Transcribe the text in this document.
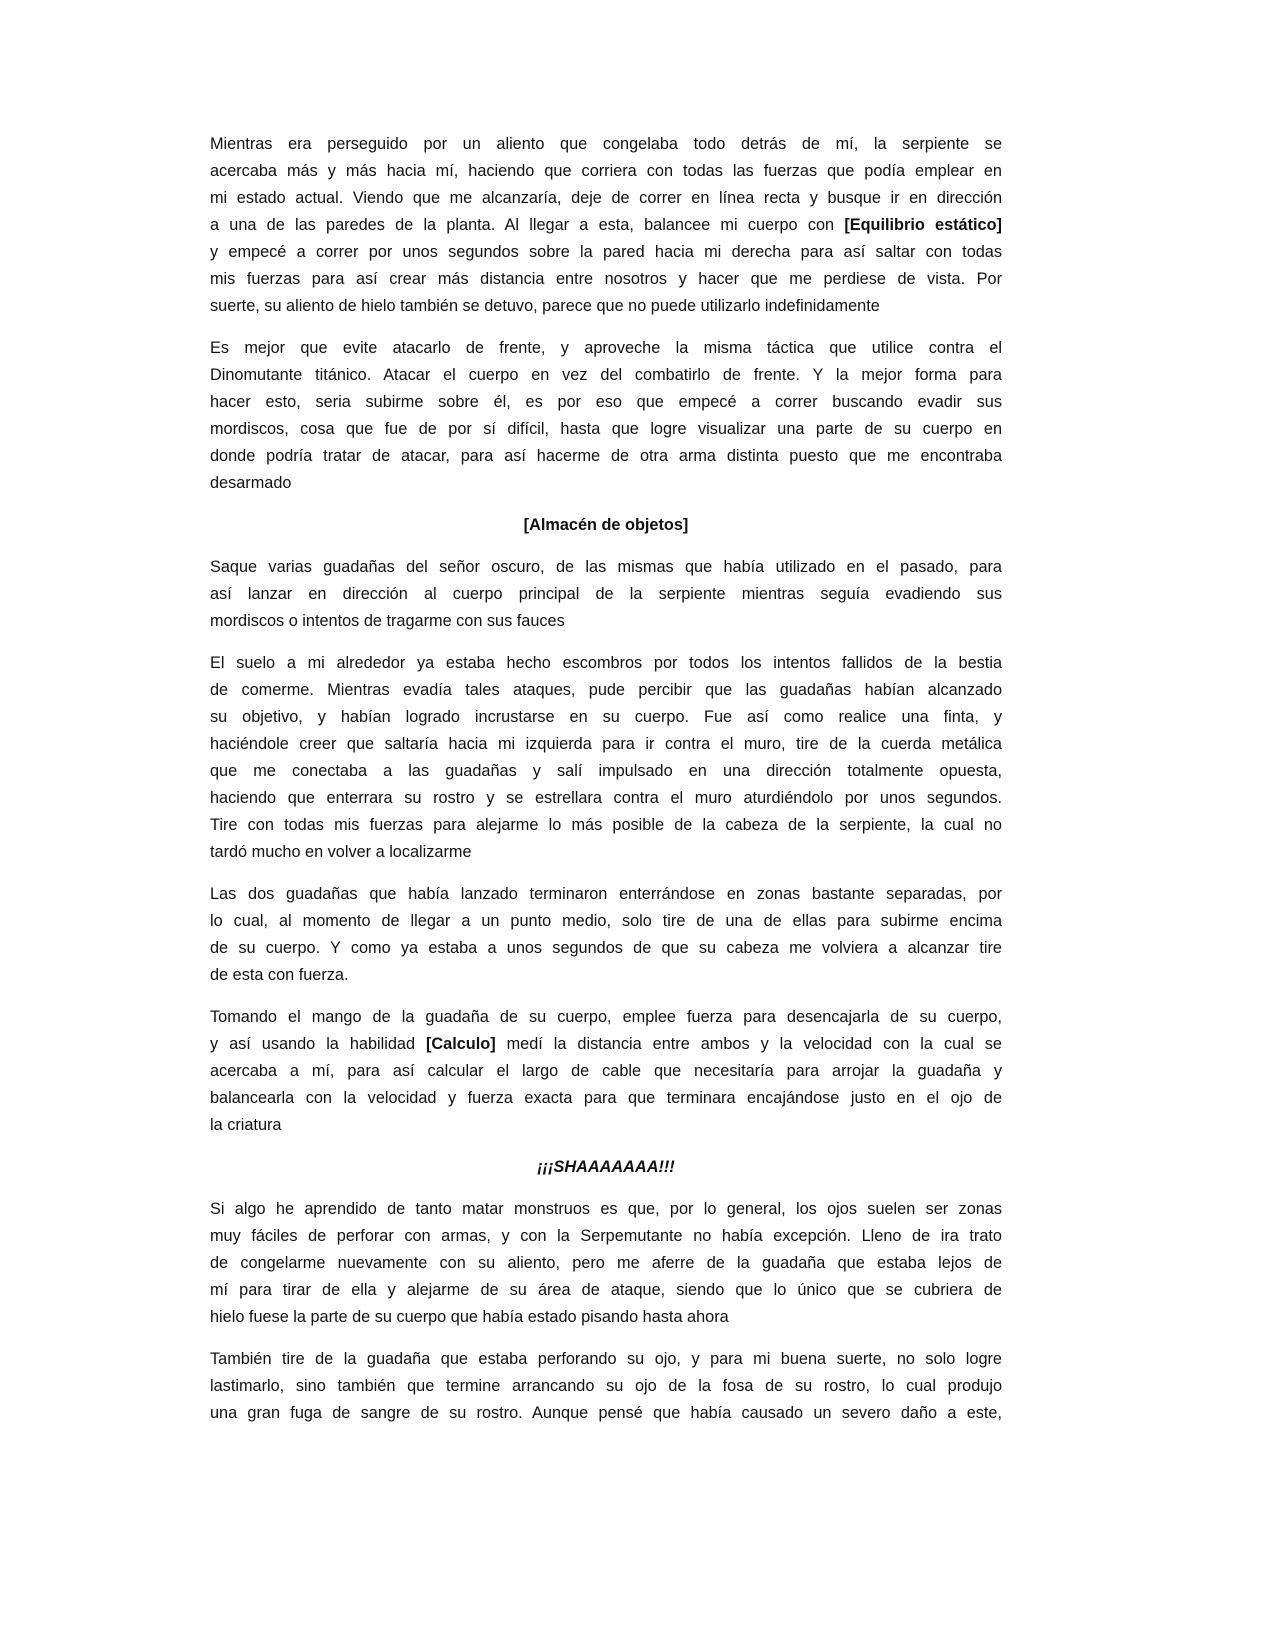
Mientras era perseguido por un aliento que congelaba todo detrás de mí, la serpiente se
acercaba más y más hacia mí, haciendo que corriera con todas las fuerzas que podía emplear en
mi estado actual. Viendo que me alcanzaría, deje de correr en línea recta y busque ir en dirección
a una de las paredes de la planta. Al llegar a esta, balancee mi cuerpo con [Equilibrio estático]
y empecé a correr por unos segundos sobre la pared hacia mi derecha para así saltar con todas
mis fuerzas para así crear más distancia entre nosotros y hacer que me perdiese de vista. Por
suerte, su aliento de hielo también se detuvo, parece que no puede utilizarlo indefinidamente
Es mejor que evite atacarlo de frente, y aproveche la misma táctica que utilice contra el
Dinomutante titánico. Atacar el cuerpo en vez del combatirlo de frente. Y la mejor forma para
hacer esto, seria subirme sobre él, es por eso que empecé a correr buscando evadir sus
mordiscos, cosa que fue de por sí difícil, hasta que logre visualizar una parte de su cuerpo en
donde podría tratar de atacar, para así hacerme de otra arma distinta puesto que me encontraba
desarmado
[Almacén de objetos]
Saque varias guadañas del señor oscuro, de las mismas que había utilizado en el pasado, para
así lanzar en dirección al cuerpo principal de la serpiente mientras seguía evadiendo sus
mordiscos o intentos de tragarme con sus fauces
El suelo a mi alrededor ya estaba hecho escombros por todos los intentos fallidos de la bestia
de comerme. Mientras evadía tales ataques, pude percibir que las guadañas habían alcanzado
su objetivo, y habían logrado incrustarse en su cuerpo. Fue así como realice una finta, y
haciéndole creer que saltaría hacia mi izquierda para ir contra el muro, tire de la cuerda metálica
que me conectaba a las guadañas y salí impulsado en una dirección totalmente opuesta,
haciendo que enterrara su rostro y se estrellara contra el muro aturdiéndolo por unos segundos.
Tire con todas mis fuerzas para alejarme lo más posible de la cabeza de la serpiente, la cual no
tardó mucho en volver a localizarme
Las dos guadañas que había lanzado terminaron enterrándose en zonas bastante separadas, por
lo cual, al momento de llegar a un punto medio, solo tire de una de ellas para subirme encima
de su cuerpo. Y como ya estaba a unos segundos de que su cabeza me volviera a alcanzar tire
de esta con fuerza.
Tomando el mango de la guadaña de su cuerpo, emplee fuerza para desencajarla de su cuerpo,
y así usando la habilidad [Calculo] medí la distancia entre ambos y la velocidad con la cual se
acercaba a mí, para así calcular el largo de cable que necesitaría para arrojar la guadaña y
balancearla con la velocidad y fuerza exacta para que terminara encajándose justo en el ojo de
la criatura
¡¡¡SHAAAAAAA!!!
Si algo he aprendido de tanto matar monstruos es que, por lo general, los ojos suelen ser zonas
muy fáciles de perforar con armas, y con la Serpemutante no había excepción. Lleno de ira trato
de congelarme nuevamente con su aliento, pero me aferre de la guadaña que estaba lejos de
mí para tirar de ella y alejarme de su área de ataque, siendo que lo único que se cubriera de
hielo fuese la parte de su cuerpo que había estado pisando hasta ahora
También tire de la guadaña que estaba perforando su ojo, y para mi buena suerte, no solo logre
lastimarlo, sino también que termine arrancando su ojo de la fosa de su rostro, lo cual produjo
una gran fuga de sangre de su rostro. Aunque pensé que había causado un severo daño a este,
